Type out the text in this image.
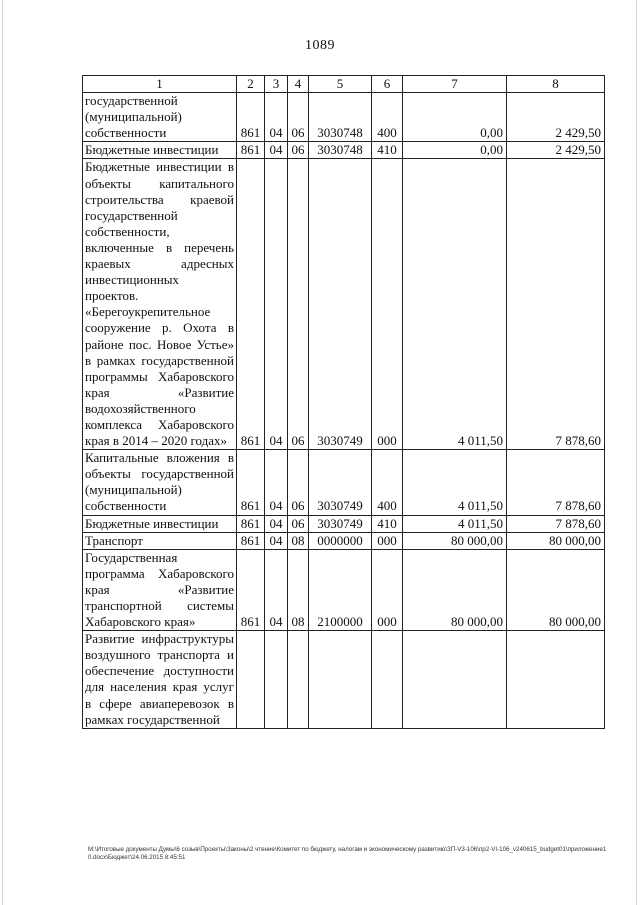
1089
1	2	3	4	5	6	7	8
государственной (муниципальной) собственности	861	04	06	3030748	400	0,00	2 429,50
Бюджетные инвестиции	861	04	06	3030748	410	0,00	2 429,50
Бюджетные инвестиции в объекты капитального строительства краевой государственной собственности, включенные в перечень краевых адресных инвестиционных проектов. «Берегоукрепительное сооружение р. Охота в районе пос. Новое Устье» в рамках государственной программы Хабаровского края «Развитие водохозяйственного комплекса Хабаровского края в 2014 – 2020 годах»	861	04	06	3030749	000	4 011,50	7 878,60
Капитальные вложения в объекты государственной (муниципальной) собственности	861	04	06	3030749	400	4 011,50	7 878,60
Бюджетные инвестиции	861	04	06	3030749	410	4 011,50	7 878,60
Транспорт	861	04	08	0000000	000	80 000,00	80 000,00
Государственная программа Хабаровского края «Развитие транспортной системы Хабаровского края»	861	04	08	2100000	000	80 000,00	80 000,00
Развитие инфраструктуры воздушного транспорта и обеспечение доступности для населения края услуг в сфере авиаперевозок в рамках государственной							
M:\Итоговые документы Думы\6 созыв\Проекты\Законы\2 чтение\Комитет по бюджету, налогам и экономическому развитию\ЗП-V3-106\пр2-VI-106_v240615_budget01\приложение10.docx\Бюджет\24.06.2015 8:45:51
